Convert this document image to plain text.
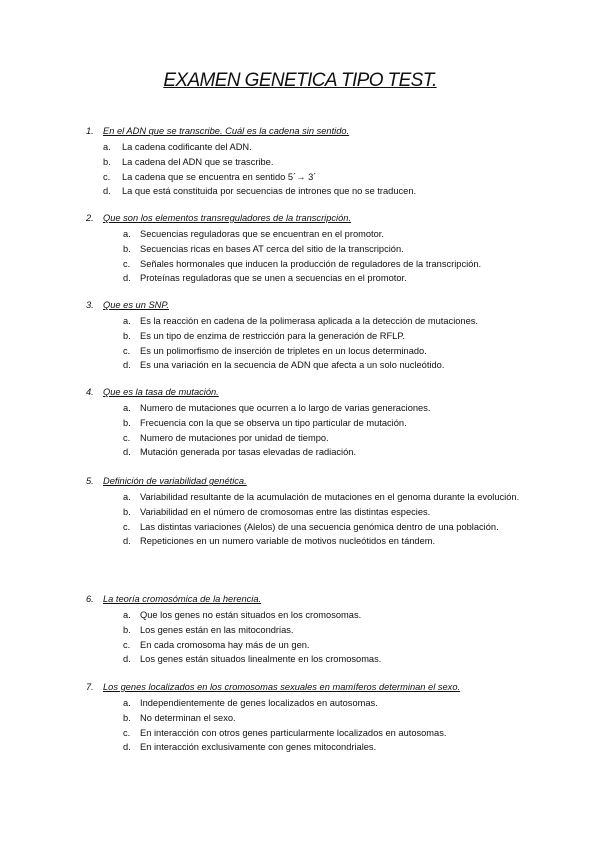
EXAMEN GENETICA TIPO TEST.
1. En el ADN que se transcribe. Cuál es la cadena sin sentido.
a.	La cadena codificante del ADN.
b.	La cadena del ADN que se trascribe.
c.	La cadena que se encuentra en sentido 5´→ 3´
d.	La que está constituida por secuencias de intrones que no se traducen.
2. Que son los elementos transreguladores de la transcripción.
a. Secuencias reguladoras que se encuentran en el promotor.
b. Secuencias ricas en bases AT cerca del sitio de la transcripción.
c.	Señales hormonales que inducen la producción de reguladores de la transcripción.
d. Proteínas reguladoras que se unen a secuencias en el promotor.
3. Que es un SNP.
a. Es la reacción en cadena de la polimerasa aplicada a la detección de mutaciones.
b. Es un tipo de enzima de restricción para la generación de RFLP.
c.	Es un polimorfismo de inserción de tripletes en un locus determinado.
d. Es una variación en la secuencia de ADN que afecta a un solo nucleótido.
4. Que es la tasa de mutación.
a. Numero de mutaciones que ocurren a lo largo de varias generaciones.
b. Frecuencia con la que se observa un tipo particular de mutación.
c.	Numero de mutaciones por unidad de tiempo.
d. Mutación generada por tasas elevadas de radiación.
5. Definición de variabilidad genética.
a. Variabilidad resultante de la acumulación de mutaciones en el genoma durante la evolución.
b. Variabilidad en el número de cromosomas entre las distintas especies.
c.	Las distintas variaciones (Alelos) de una secuencia genómica dentro de una población.
d. Repeticiones en un numero variable de motivos nucleótidos en tándem.
6. La teoría cromosómica de la herencia.
a. Que los genes no están situados en los cromosomas.
b. Los genes están en las mitocondrias.
c.	En cada cromosoma hay más de un gen.
d. Los genes están situados linealmente en los cromosomas.
7. Los genes localizados en los cromosomas sexuales en mamíferos determinan el sexo.
a. Independientemente de genes localizados en autosomas.
b. No determinan el sexo.
c.	En interacción con otros genes particularmente localizados en autosomas.
d. En interacción exclusivamente con genes mitocondriales.
